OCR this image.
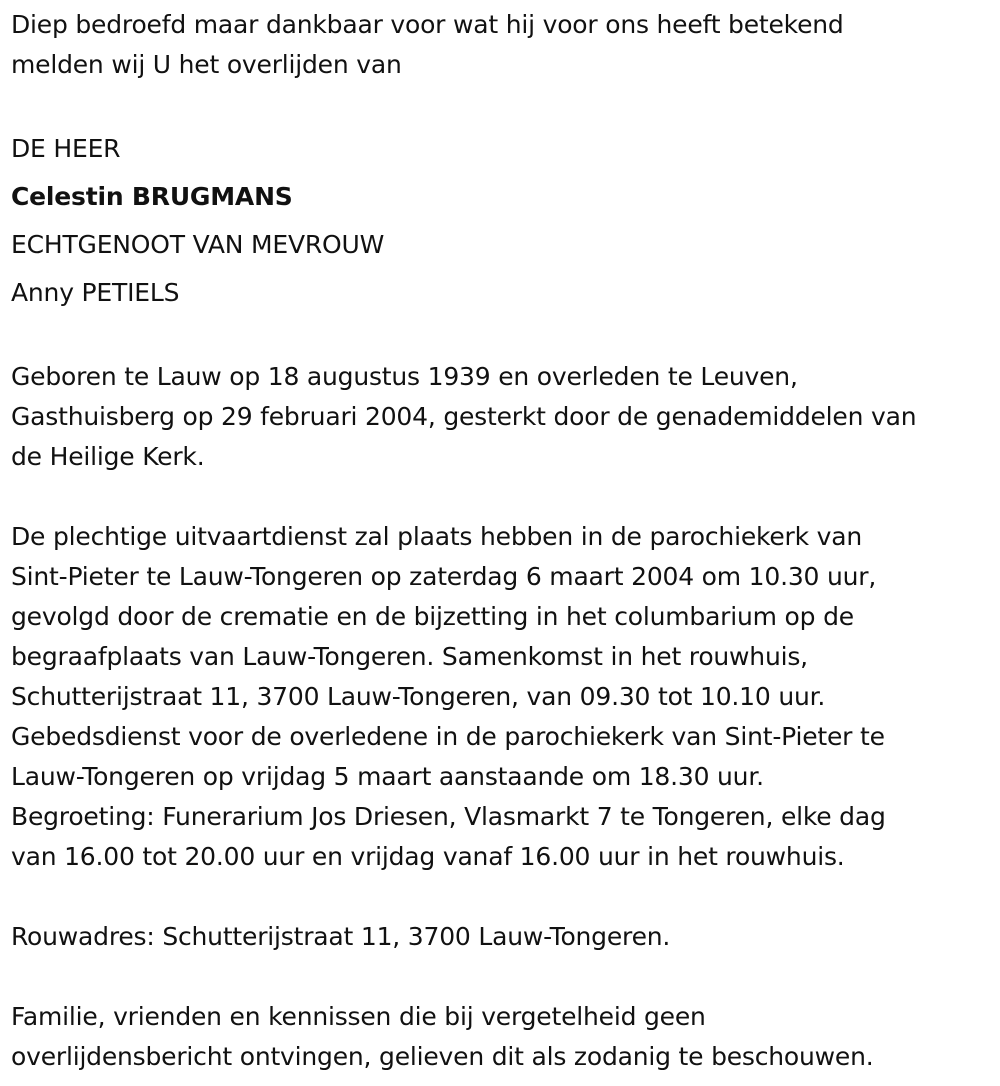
Diep bedroefd maar dankbaar voor wat hij voor ons heeft betekend
melden wij U het overlijden van
DE HEER
Celestin BRUGMANS
ECHTGENOOT VAN MEVROUW
Anny PETIELS
Geboren te Lauw op 18 augustus 1939 en overleden te Leuven,
Gasthuisberg op 29 februari 2004, gesterkt door de genademiddelen van
de Heilige Kerk.
De plechtige uitvaartdienst zal plaats hebben in de parochiekerk van
Sint-Pieter te Lauw-Tongeren op zaterdag 6 maart 2004 om 10.30 uur,
gevolgd door de crematie en de bijzetting in het columbarium op de
begraafplaats van Lauw-Tongeren. Samenkomst in het rouwhuis,
Schutterijstraat 11, 3700 Lauw-Tongeren, van 09.30 tot 10.10 uur.
Gebedsdienst voor de overledene in de parochiekerk van Sint-Pieter te
Lauw-Tongeren op vrijdag 5 maart aanstaande om 18.30 uur.
Begroeting: Funerarium Jos Driesen, Vlasmarkt 7 te Tongeren, elke dag
van 16.00 tot 20.00 uur en vrijdag vanaf 16.00 uur in het rouwhuis.
Rouwadres: Schutterijstraat 11, 3700 Lauw-Tongeren.
Familie, vrienden en kennissen die bij vergetelheid geen
overlijdensbericht ontvingen, gelieven dit als zodanig te beschouwen.
